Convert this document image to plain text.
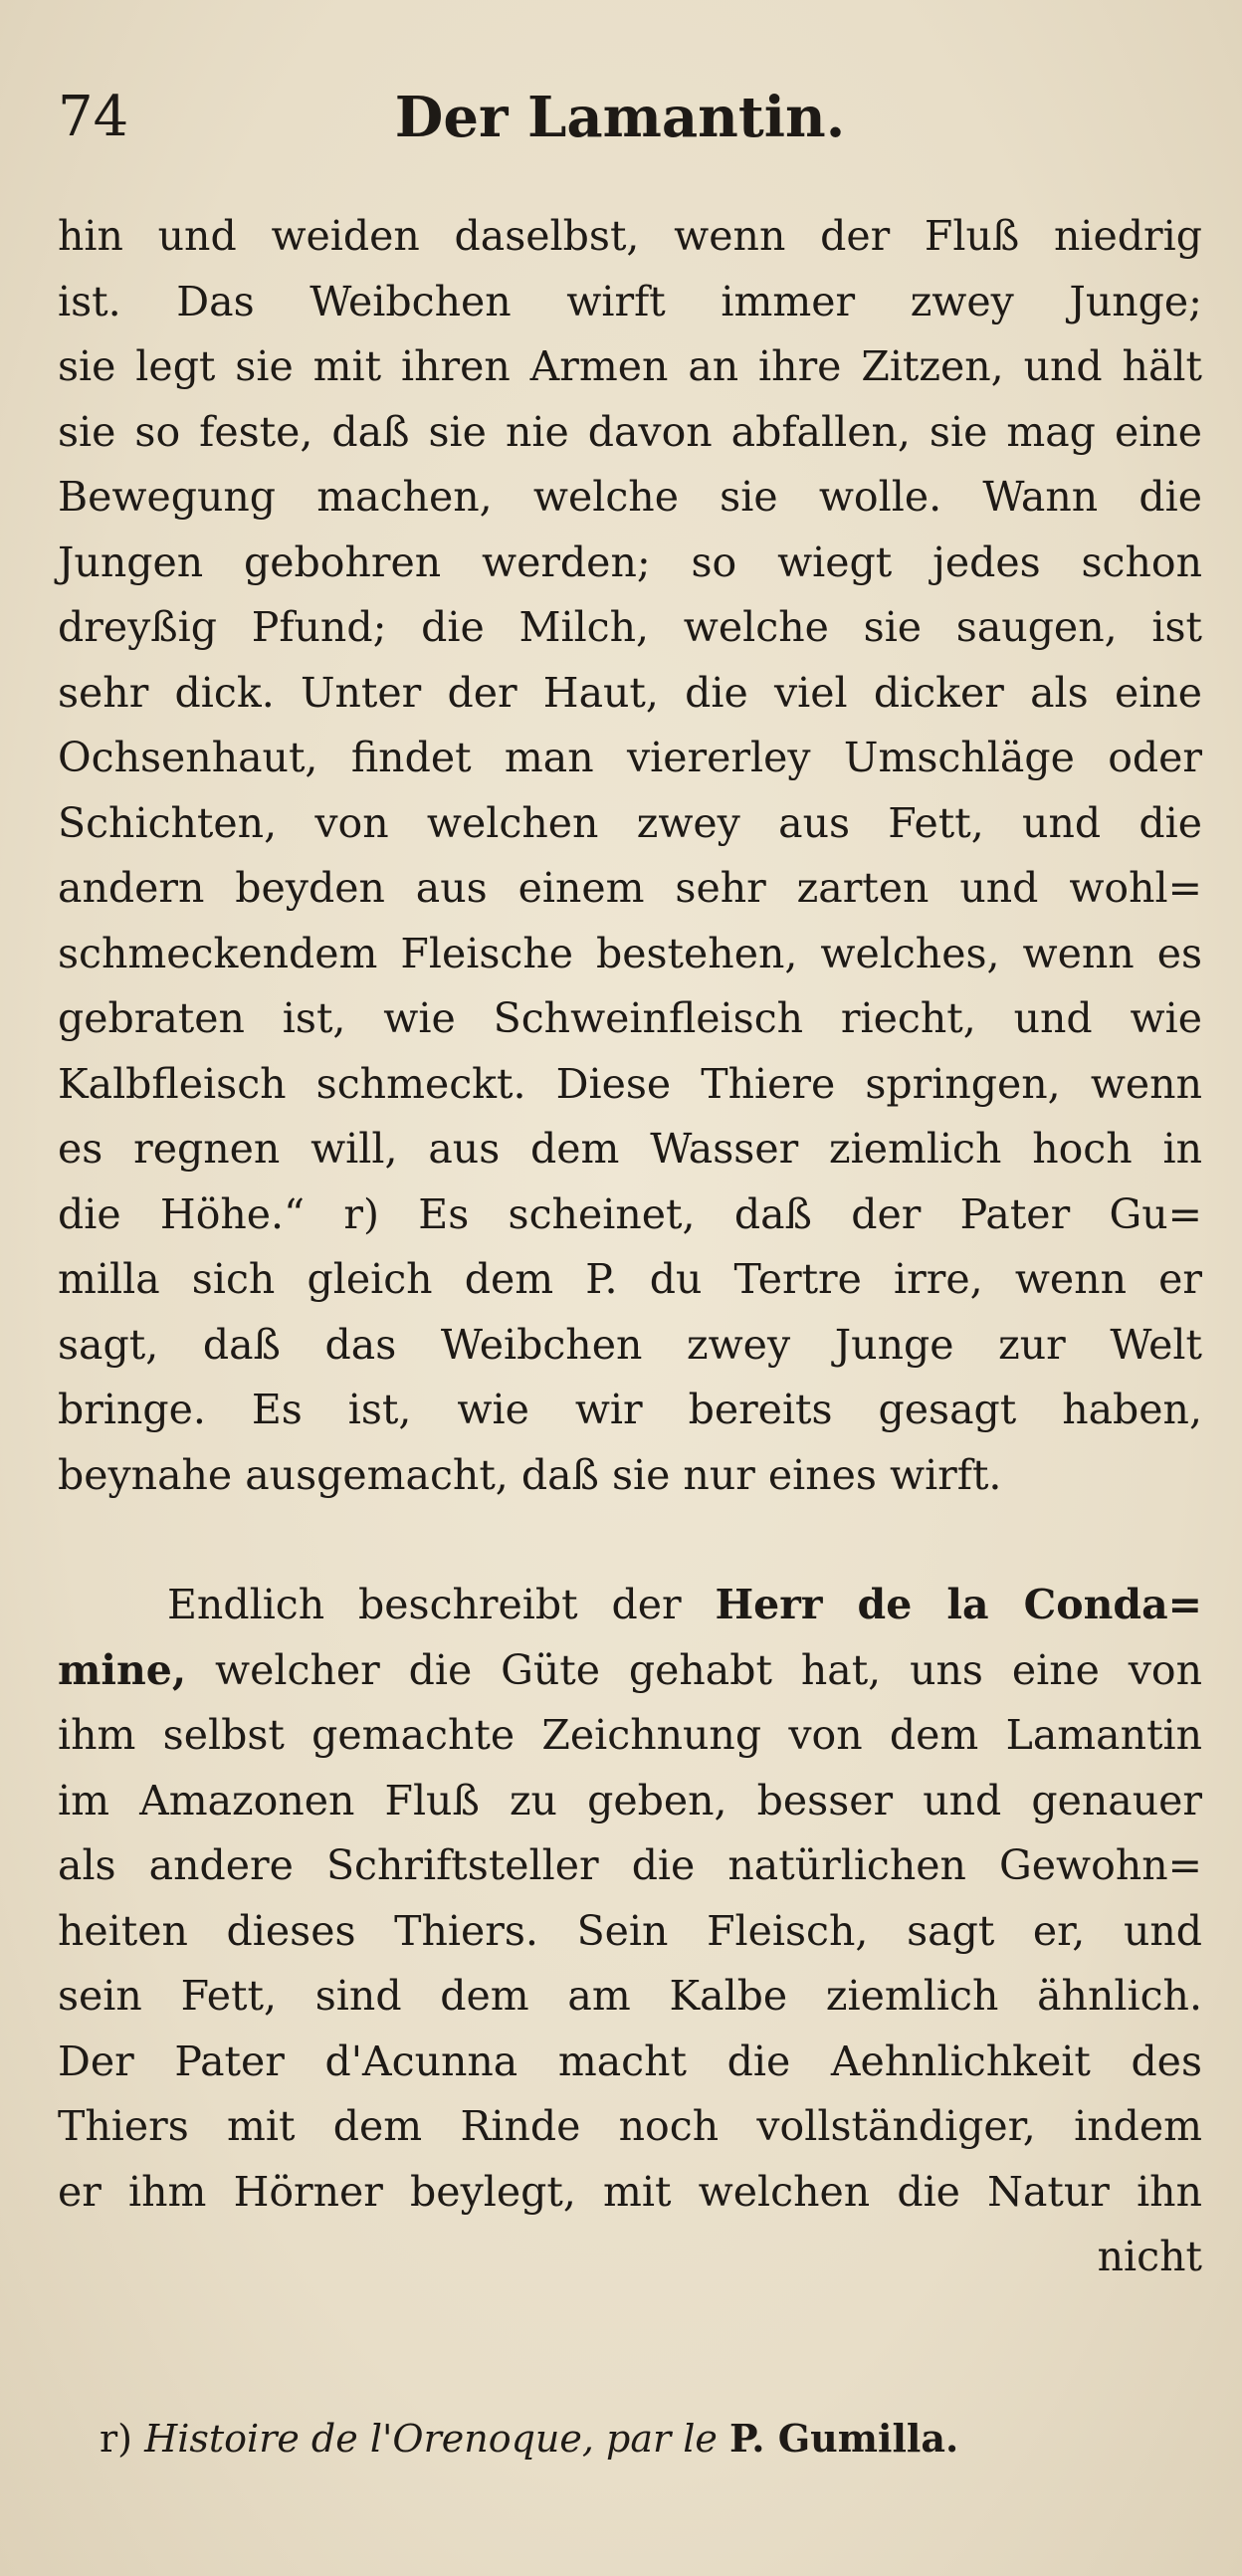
74	Der Lamantin.
hin und weiden daselbst, wenn der Fluß niedrig
ist. Das Weibchen wirft immer zwey Junge;
sie legt sie mit ihren Armen an ihre Zitzen, und hält
sie so feste, daß sie nie davon abfallen, sie mag eine
Bewegung machen, welche sie wolle. Wann die
Jungen gebohren werden; so wiegt jedes schon
dreyßig Pfund; die Milch, welche sie saugen, ist
sehr dick. Unter der Haut, die viel dicker als eine
Ochsenhaut, findet man viererley Umschläge oder
Schichten, von welchen zwey aus Fett, und die
andern beyden aus einem sehr zarten und wohl=
schmeckendem Fleische bestehen, welches, wenn es
gebraten ist, wie Schweinfleisch riecht, und wie
Kalbfleisch schmeckt. Diese Thiere springen, wenn
es regnen will, aus dem Wasser ziemlich hoch in
die Höhe.“ r) Es scheinet, daß der Pater Gu=
milla sich gleich dem P. du Tertre irre, wenn er
sagt, daß das Weibchen zwey Junge zur Welt
bringe. Es ist, wie wir bereits gesagt haben,
beynahe ausgemacht, daß sie nur eines wirft.
Endlich beschreibt der Herr de la Conda=
mine, welcher die Güte gehabt hat, uns eine von
ihm selbst gemachte Zeichnung von dem Lamantin
im Amazonen Fluß zu geben, besser und genauer
als andere Schriftsteller die natürlichen Gewohn=
heiten dieses Thiers. Sein Fleisch, sagt er, und
sein Fett, sind dem am Kalbe ziemlich ähnlich.
Der Pater d'Acunna macht die Aehnlichkeit des
Thiers mit dem Rinde noch vollständiger, indem
er ihm Hörner beylegt, mit welchen die Natur ihn
nicht
r) Histoire de l'Orenoque, par le P. Gumilla.
